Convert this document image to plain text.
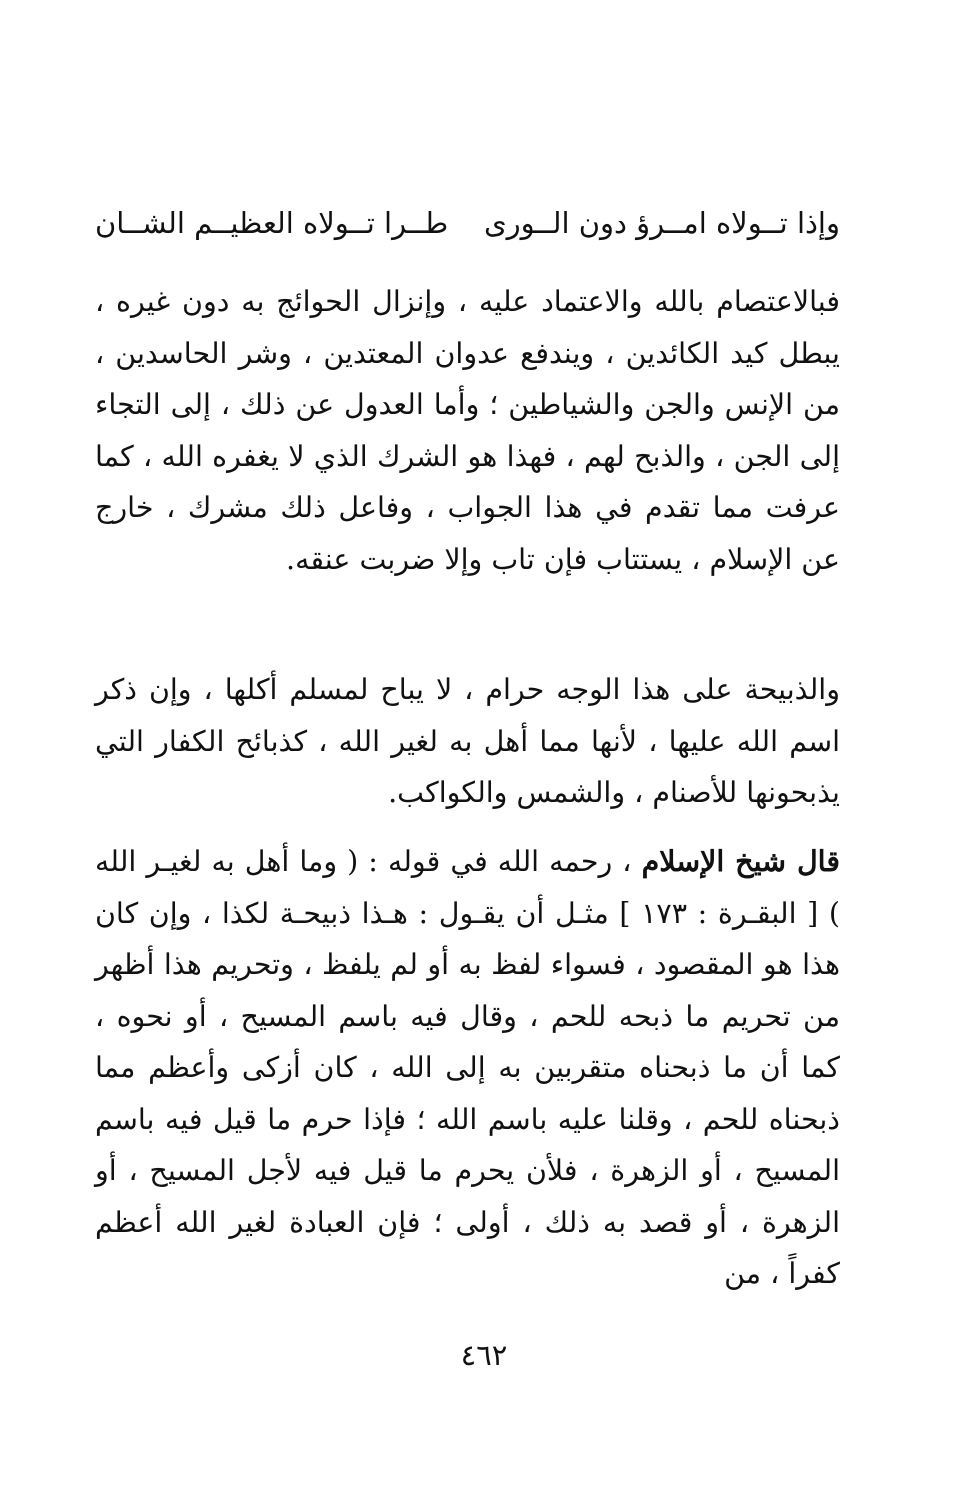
وإذا تــولاه امــرؤ دون الــورى
طــرا تــولاه العظيــم الشــان

فبالاعتصام بالله والاعتماد عليه ، وإنزال الحوائج به دون غيره ، يبطل كيد الكائدين ، ويندفع عدوان المعتدين ، وشر الحاسدين ، من الإنس والجن والشياطين ؛ وأما العدول عن ذلك ، إلى التجاء إلى الجن ، والذبح لهم ، فهذا هو الشرك الذي لا يغفره الله ، كما عرفت مما تقدم في هذا الجواب ، وفاعل ذلك مشرك ، خارج عن الإسلام ، يستتاب فإن تاب وإلا ضربت عنقه.

والذبيحة على هذا الوجه حرام ، لا يباح لمسلم أكلها ، وإن ذكر اسم الله عليها ، لأنها مما أهل به لغير الله ، كذبائح الكفار التي يذبحونها للأصنام ، والشمس والكواكب.

قال شيخ الإسلام ، رحمه الله في قوله : ( وما أهل به لغيـر الله ) [ البقـرة : ١٧٣ ] مثـل أن يقـول : هـذا ذبيحـة لكذا ، وإن كان هذا هو المقصود ، فسواء لفظ به أو لم يلفظ ، وتحريم هذا أظهر من تحريم ما ذبحه للحم ، وقال فيه باسم المسيح ، أو نحوه ، كما أن ما ذبحناه متقربين به إلى الله ، كان أزكى وأعظم مما ذبحناه للحم ، وقلنا عليه باسم الله ؛ فإذا حرم ما قيل فيه باسم المسيح ، أو الزهرة ، فلأن يحرم ما قيل فيه لأجل المسيح ، أو الزهرة ، أو قصد به ذلك ، أولى ؛ فإن العبادة لغير الله أعظم كفراً ، من

٤٦٢
